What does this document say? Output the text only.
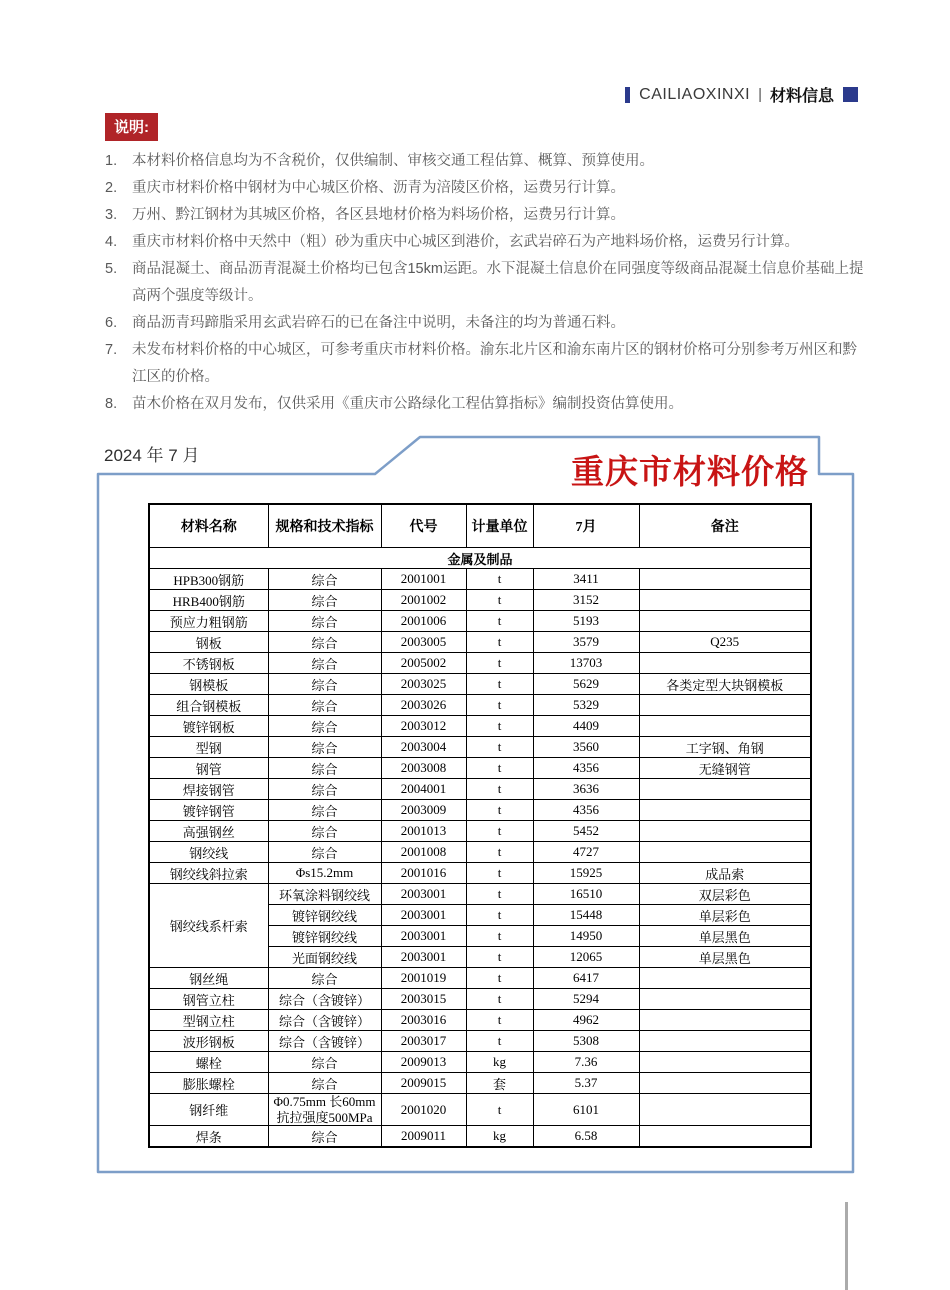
CAILIAOXINXI | 材料信息
说明:
1.	本材料价格信息均为不含税价，仅供编制、审核交通工程估算、概算、预算使用。
2.	重庆市材料价格中钢材为中心城区价格、沥青为涪陵区价格，运费另行计算。
3.	万州、黔江钢材为其城区价格，各区县地材价格为料场价格，运费另行计算。
4.	重庆市材料价格中天然中（粗）砂为重庆中心城区到港价，玄武岩碎石为产地料场价格，运费另行计算。
5.	商品混凝土、商品沥青混凝土价格均已包含15km运距。水下混凝土信息价在同强度等级商品混凝土信息价基础上提高两个强度等级计。
6.	商品沥青玛蹄脂采用玄武岩碎石的已在备注中说明，未备注的均为普通石料。
7.	未发布材料价格的中心城区，可参考重庆市材料价格。渝东北片区和渝东南片区的钢材价格可分别参考万州区和黔江区的价格。
8.	苗木价格在双月发布，仅供采用《重庆市公路绿化工程估算指标》编制投资估算使用。
2024 年 7 月	重庆市材料价格
材料名称	规格和技术指标	代号	计量单位	7月	备注
金属及制品					
HPB300钢筋	综合	2001001	t	3411	
HRB400钢筋	综合	2001002	t	3152	
预应力粗钢筋	综合	2001006	t	5193	
钢板	综合	2003005	t	3579	Q235
不锈钢板	综合	2005002	t	13703	
钢模板	综合	2003025	t	5629	各类定型大块钢模板
组合钢模板	综合	2003026	t	5329	
镀锌钢板	综合	2003012	t	4409	
型钢	综合	2003004	t	3560	工字钢、角钢
钢管	综合	2003008	t	4356	无缝钢管
焊接钢管	综合	2004001	t	3636	
镀锌钢管	综合	2003009	t	4356	
高强钢丝	综合	2001013	t	5452	
钢绞线	综合	2001008	t	4727	
钢绞线斜拉索	Φs15.2mm	2001016	t	15925	成品索
钢绞线系杆索	环氧涂料钢绞线	2003001	t	16510	双层彩色
	镀锌钢绞线	2003001	t	15448	单层彩色
	镀锌钢绞线	2003001	t	14950	单层黑色
	光面钢绞线	2003001	t	12065	单层黑色
钢丝绳	综合	2001019	t	6417	
钢管立柱	综合（含镀锌）	2003015	t	5294	
型钢立柱	综合（含镀锌）	2003016	t	4962	
波形钢板	综合（含镀锌）	2003017	t	5308	
螺栓	综合	2009013	kg	7.36	
膨胀螺栓	综合	2009015	套	5.37	
钢纤维	Φ0.75mm 长60mm抗拉强度500MPa	2001020	t	6101	
焊条	综合	2009011	kg	6.58	
